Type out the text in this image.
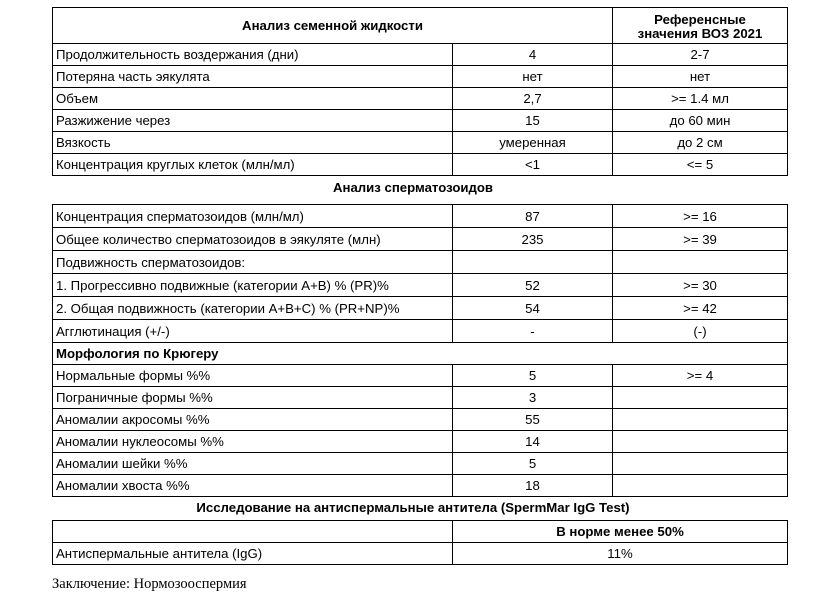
Анализ семенной жидкости		Референсные
значения ВОЗ 2021

Продолжительность воздержания (дни)	4	2-7
Потеряна часть эякулята	нет	нет
Объем	2,7	>= 1.4 мл
Разжижение через	15	до 60 мин
Вязкость	умеренная	до 2 см
Концентрация круглых клеток (млн/мл)	<1	<= 5
Анализ сперматозоидов
Концентрация сперматозоидов (млн/мл)	87	>= 16
Общее количество сперматозоидов в эякуляте (млн)	235	>= 39
Подвижность сперматозоидов:		
1. Прогрессивно подвижные (категории А+В) % (PR)%	52	>= 30
2. Общая подвижность (категории А+В+С) % (PR+NP)%	54	>= 42
Агглютинация (+/-)	-	(-)
Морфология по Крюгеру		
Нормальные формы %%	5	>= 4
Пограничные формы %%	3	
Аномалии акросомы %%	55	
Аномалии нуклеосомы %%	14	
Аномалии шейки %%	5	
Аномалии хвоста %%	18	
Исследование на антиспермальные антитела (SpermMar IgG Test)
	В норме менее 50%
Антиспермальные антитела (IgG)	11%
Заключение: Нормозооспермия
